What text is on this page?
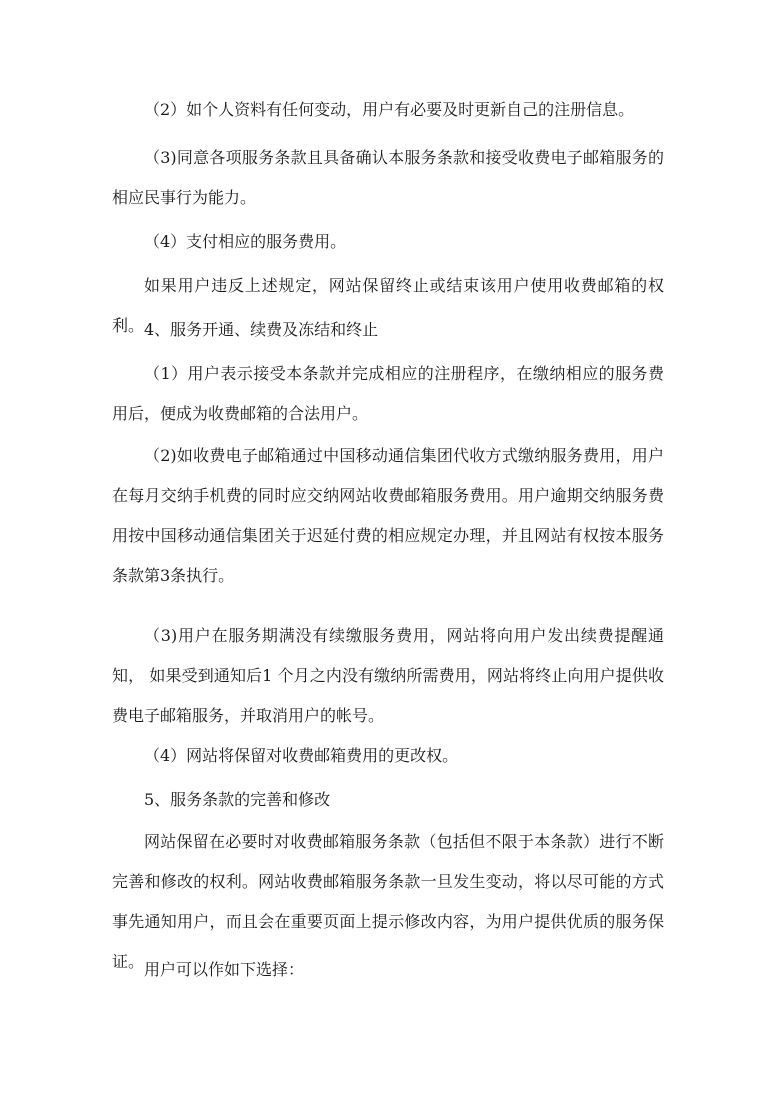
（2）如个人资料有任何变动，用户有必要及时更新自己的注册信息。

（3)同意各项服务条款且具备确认本服务条款和接受收费电子邮箱服务的相应民事行为能力。

（4）支付相应的服务费用。

如果用户违反上述规定，网站保留终止或结束该用户使用收费邮箱的权利。 4、服务开通、续费及冻结和终止

（1）用户表示接受本条款并完成相应的注册程序，在缴纳相应的服务费用后，便成为收费邮箱的合法用户。

（2)如收费电子邮箱通过中国移动通信集团代收方式缴纳服务费用，用户在每月交纳手机费的同时应交纳网站收费邮箱服务费用。用户逾期交纳服务费用按中国移动通信集团关于迟延付费的相应规定办理，并且网站有权按本服务条款第3条执行。

（3)用户在服务期满没有续缴服务费用，网站将向用户发出续费提醒通知， 如果受到通知后1 个月之内没有缴纳所需费用，网站将终止向用户提供收费电子邮箱服务，并取消用户的帐号。

（4）网站将保留对收费邮箱费用的更改权。

5、服务条款的完善和修改

网站保留在必要时对收费邮箱服务条款（包括但不限于本条款）进行不断完善和修改的权利。网站收费邮箱服务条款一旦发生变动，将以尽可能的方式事先通知用户，而且会在重要页面上提示修改内容，为用户提供优质的服务保证。 用户可以作如下选择：
